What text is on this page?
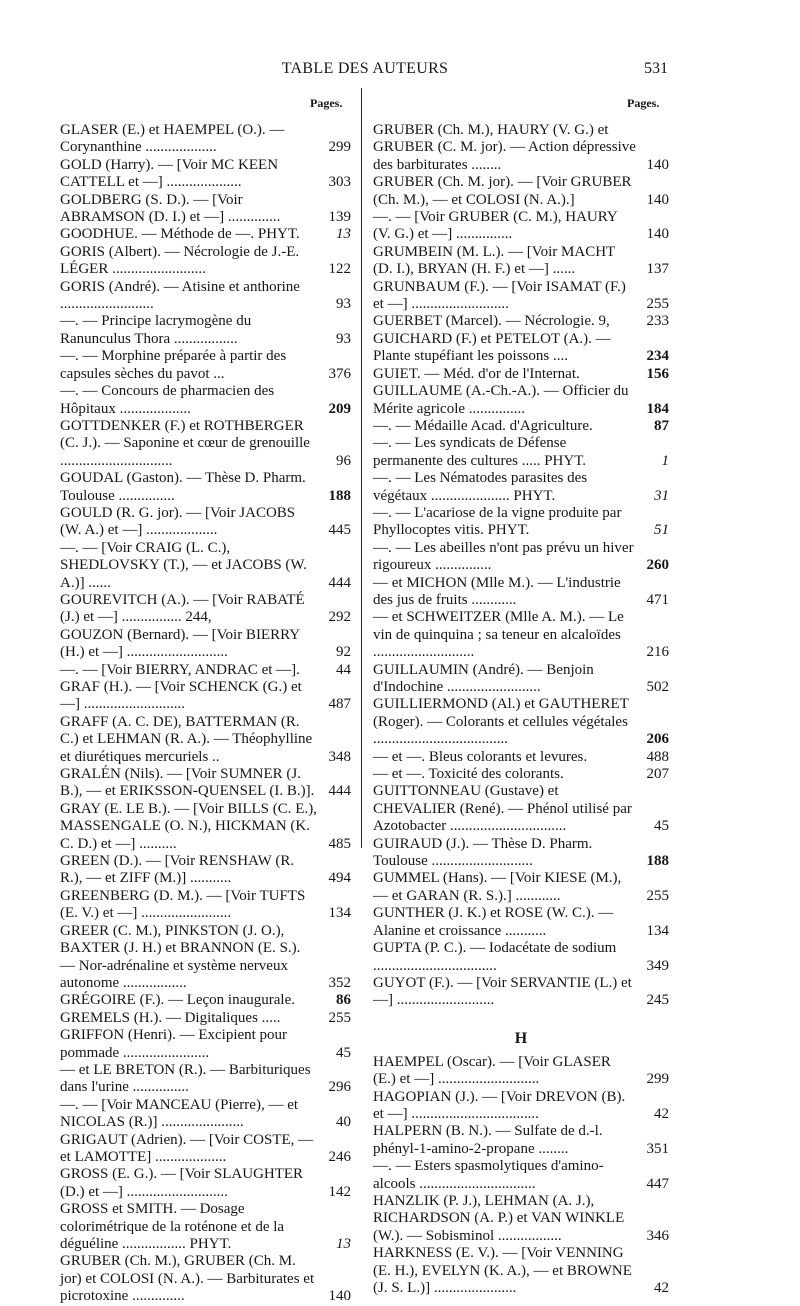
TABLE DES AUTEURS	531
Pages.	Pages.
GLASER (E.) et HAEMPEL (O.). — Corynanthine ...................	299
GOLD (Harry). — [Voir MC KEEN CATTELL et —] ....................	303
GOLDBERG (S. D.). — [Voir ABRAMSON (D. I.) et —] ..............	139
GOODHUE. — Méthode de —. PHYT.	13
GORIS (Albert). — Nécrologie de J.-E. LÉGER .........................	122
GORIS (André). — Atisine et anthorine .........................	93
—. — Principe lacrymogène du Ranunculus Thora .................	93
—. — Morphine préparée à partir des capsules sèches du pavot ...	376
—. — Concours de pharmacien des Hôpitaux ...................	209
GOTTDENKER (F.) et ROTHBERGER (C. J.). — Saponine et cœur de grenouille ..............................	96
GOUDAL (Gaston). — Thèse D. Pharm. Toulouse ...............	188
GOULD (R. G. jor). — [Voir JACOBS (W. A.) et —] ...................	445
—. — [Voir CRAIG (L. C.), SHEDLOVSKY (T.), — et JACOBS (W. A.)] ......	444
GOUREVITCH (A.). — [Voir RABATÉ (J.) et —] ................ 244,	292
GOUZON (Bernard). — [Voir BIERRY (H.) et —] ...........................	92
—. — [Voir BIERRY, ANDRAC et —].	44
GRAF (H.). — [Voir SCHENCK (G.) et —] ...........................	487
GRAFF (A. C. DE), BATTERMAN (R. C.) et LEHMAN (R. A.). — Théophylline et diurétiques mercuriels ..	348
GRALÉN (Nils). — [Voir SUMNER (J. B.), — et ERIKSSON-QUENSEL (I. B.)]. 444
GRAY (E. LE B.). — [Voir BILLS (C. E.), MASSENGALE (O. N.), HICKMAN (K. C. D.) et —] ..........	485
GREEN (D.). — [Voir RENSHAW (R. R.), — et ZIFF (M.)] ...........	494
GREENBERG (D. M.). — [Voir TUFTS (E. V.) et —] ........................	134
GREER (C. M.), PINKSTON (J. O.), BAXTER (J. H.) et BRANNON (E. S.). — Nor-adrénaline et système nerveux autonome .................	352
GRÉGOIRE (F.). — Leçon inaugurale.	86
GREMELS (H.). — Digitaliques .....	255
GRIFFON (Henri). — Excipient pour pommade .......................	45
— et LE BRETON (R.). — Barbituriques dans l'urine ...............	296
—. — [Voir MANCEAU (Pierre), — et NICOLAS (R.)] ......................	40
GRIGAUT (Adrien). — [Voir COSTE, — et LAMOTTE] ...................	246
GROSS (E. G.). — [Voir SLAUGHTER (D.) et —] ...........................	142
GROSS et SMITH. — Dosage colorimétrique de la roténone et de la déguéline ................. PHYT.	13
GRUBER (Ch. M.), GRUBER (Ch. M. jor) et COLOSI (N. A.). — Barbiturates et picrotoxine ..............	140
GRUBER (Ch. M.), HAURY (V. G.) et GRUBER (C. M. jor). — Action dépressive des barbiturates ........	140
GRUBER (Ch. M. jor). — [Voir GRUBER (Ch. M.), — et COLOSI (N. A.).]	140
—. — [Voir GRUBER (C. M.), HAURY (V. G.) et —] ...............	140
GRUMBEIN (M. L.). — [Voir MACHT (D. I.), BRYAN (H. F.) et —] ......	137
GRUNBAUM (F.). — [Voir ISAMAT (F.) et —] ..........................	255
GUERBET (Marcel). — Nécrologie. 9,	233
GUICHARD (F.) et PETELOT (A.). — Plante stupéfiant les poissons ....	234
GUIET. — Méd. d'or de l'Internat.	156
GUILLAUME (A.-Ch.-A.). — Officier du Mérite agricole ...............	184
—. — Médaille Acad. d'Agriculture.	87
—. — Les syndicats de Défense permanente des cultures ..... PHYT.	1
—. — Les Nématodes parasites des végétaux ..................... PHYT.	31
—. — L'acariose de la vigne produite par Phyllocoptes vitis. PHYT.	51
—. — Les abeilles n'ont pas prévu un hiver rigoureux ...............	260
— et MICHON (Mlle M.). — L'industrie des jus de fruits ............	471
— et SCHWEITZER (Mlle A. M.). — Le vin de quinquina ; sa teneur en alcaloïdes ...........................	216
GUILLAUMIN (André). — Benjoin d'Indochine .........................	502
GUILLIERMOND (Al.) et GAUTHERET (Roger). — Colorants et cellules végétales ....................................	206
— et —. Bleus colorants et levures.	488
— et —. Toxicité des colorants.	207
GUITTONNEAU (Gustave) et CHEVALIER (René). — Phénol utilisé par Azotobacter ...............................	45
GUIRAUD (J.). — Thèse D. Pharm. Toulouse ...........................	188
GUMMEL (Hans). — [Voir KIESE (M.), — et GARAN (R. S.).] ............	255
GUNTHER (J. K.) et ROSE (W. C.). — Alanine et croissance ...........	134
GUPTA (P. C.). — Iodacétate de sodium .................................	349
GUYOT (F.). — [Voir SERVANTIE (L.) et —] ..........................	245
H
HAEMPEL (Oscar). — [Voir GLASER (E.) et —] ...........................	299
HAGOPIAN (J.). — [Voir DREVON (B). et —] ..................................	42
HALPERN (B. N.). — Sulfate de d.-l. phényl-1-amino-2-propane ........	351
—. — Esters spasmolytiques d'amino-alcools ...............................	447
HANZLIK (P. J.), LEHMAN (A. J.), RICHARDSON (A. P.) et VAN WINKLE (W.). — Sobisminol .................	346
HARKNESS (E. V.). — [Voir VENNING (E. H.), EVELYN (K. A.), — et BROWNE (J. S. L.)] ......................	42
